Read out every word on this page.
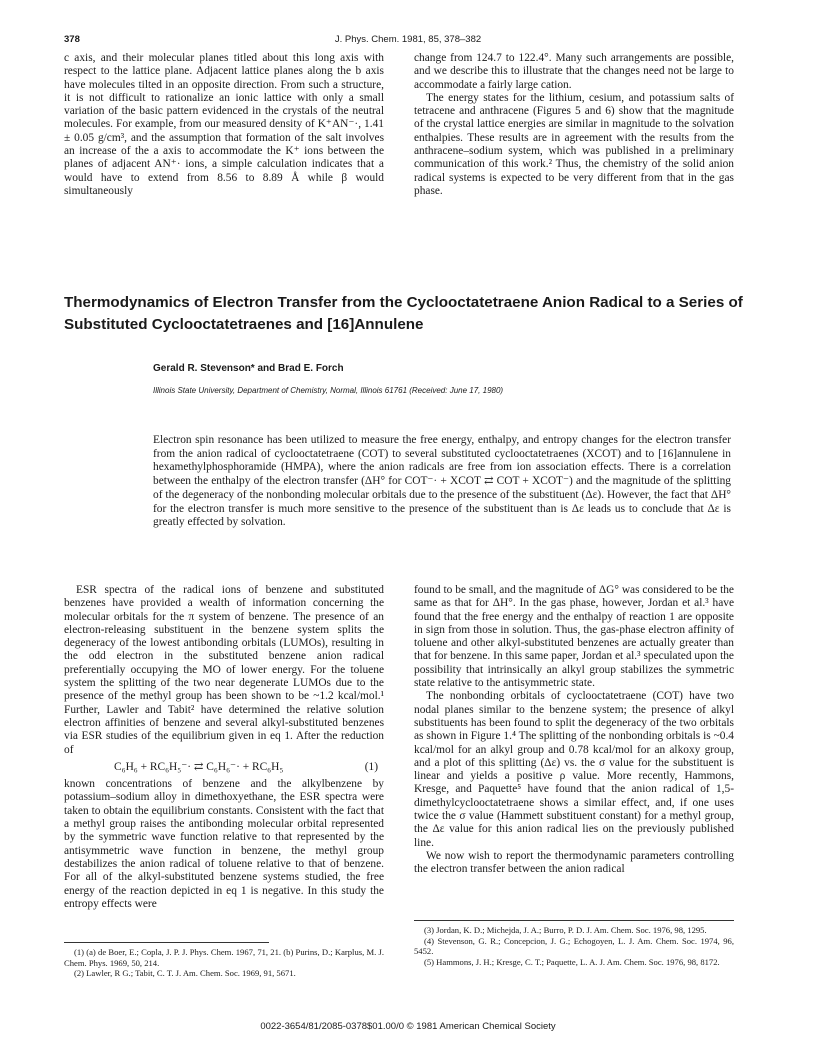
378	J. Phys. Chem. 1981, 85, 378–382

c axis, and their molecular planes titled about this long axis with respect to the lattice plane. Adjacent lattice planes along the b axis have molecules tilted in an opposite direction. From such a structure, it is not difficult to rationalize an ionic lattice with only a small variation of the basic pattern evidenced in the crystals of the neutral molecules. For example, from our measured density of K⁺AN⁻·, 1.41 ± 0.05 g/cm³, and the assumption that formation of the salt involves an increase of the a axis to accommodate the K⁺ ions between the planes of adjacent AN⁺· ions, a simple calculation indicates that a would have to extend from 8.56 to 8.89 Å while β would simultaneously

change from 124.7 to 122.4°. Many such arrangements are possible, and we describe this to illustrate that the changes need not be large to accommodate a fairly large cation.

The energy states for the lithium, cesium, and potassium salts of tetracene and anthracene (Figures 5 and 6) show that the magnitude of the crystal lattice energies are similar in magnitude to the solvation enthalpies. These results are in agreement with the results from the anthracene–sodium system, which was published in a preliminary communication of this work.² Thus, the chemistry of the solid anion radical systems is expected to be very different from that in the gas phase.

Thermodynamics of Electron Transfer from the Cyclooctatetraene Anion Radical to a Series of Substituted Cyclooctatetraenes and [16]Annulene
Gerald R. Stevenson* and Brad E. Forch
Illinois State University, Department of Chemistry, Normal, Illinois 61761 (Received: June 17, 1980)
Electron spin resonance has been utilized to measure the free energy, enthalpy, and entropy changes for the electron transfer from the anion radical of cyclooctatetraene (COT) to several substituted cyclooctatetraenes (XCOT) and to [16]annulene in hexamethylphosphoramide (HMPA), where the anion radicals are free from ion association effects. There is a correlation between the enthalpy of the electron transfer (ΔH° for COT⁻· + XCOT ⇄ COT + XCOT⁻) and the magnitude of the splitting of the degeneracy of the nonbonding molecular orbitals due to the presence of the substituent (Δε). However, the fact that ΔH° for the electron transfer is much more sensitive to the presence of the substituent than is Δε leads us to conclude that Δε is greatly effected by solvation.

ESR spectra of the radical ions of benzene and substituted benzenes have provided a wealth of information concerning the molecular orbitals for the π system of benzene. The presence of an electron-releasing substituent in the benzene system splits the degeneracy of the lowest antibonding orbitals (LUMOs), resulting in the odd electron in the substituted benzene anion radical preferentially occupying the MO of lower energy. For the toluene system the splitting of the two near degenerate LUMOs due to the presence of the methyl group has been shown to be ~1.2 kcal/mol.¹ Further, Lawler and Tabit² have determined the relative solution electron affinities of benzene and several alkyl-substituted benzenes via ESR studies of the equilibrium given in eq 1. After the reduction of

C₆H₆ + RC₆H₅⁻· ⇄ C₆H₆⁻· + RC₆H₅	(1)

known concentrations of benzene and the alkylbenzene by potassium–sodium alloy in dimethoxyethane, the ESR spectra were taken to obtain the equilibrium constants. Consistent with the fact that a methyl group raises the antibonding molecular orbital represented by the symmetric wave function relative to that represented by the antisymmetric wave function in benzene, the methyl group destabilizes the anion radical of toluene relative to that of benzene. For all of the alkyl-substituted benzene systems studied, the free energy of the reaction depicted in eq 1 is negative. In this study the entropy effects were

found to be small, and the magnitude of ΔG° was considered to be the same as that for ΔH°. In the gas phase, however, Jordan et al.³ have found that the free energy and the enthalpy of reaction 1 are opposite in sign from those in solution. Thus, the gas-phase electron affinity of toluene and other alkyl-substituted benzenes are actually greater than that for benzene. In this same paper, Jordan et al.³ speculated upon the possibility that intrinsically an alkyl group stabilizes the symmetric state relative to the antisymmetric state.

The nonbonding orbitals of cyclooctatetraene (COT) have two nodal planes similar to the benzene system; the presence of alkyl substituents has been found to split the degeneracy of the two orbitals as shown in Figure 1.⁴ The splitting of the nonbonding orbitals is ~0.4 kcal/mol for an alkyl group and 0.78 kcal/mol for an alkoxy group, and a plot of this splitting (Δε) vs. the σ value for the substituent is linear and yields a positive ρ value. More recently, Hammons, Kresge, and Paquette⁵ have found that the anion radical of 1,5-dimethylcyclooctatetraene shows a similar effect, and, if one uses twice the σ value (Hammett substituent constant) for a methyl group, the Δε value for this anion radical lies on the previously published line.

We now wish to report the thermodynamic parameters controlling the electron transfer between the anion radical

(1) (a) de Boer, E.; Copla, J. P. J. Phys. Chem. 1967, 71, 21. (b) Purins, D.; Karplus, M. J. Chem. Phys. 1969, 50, 214.

(2) Lawler, R G.; Tabit, C. T. J. Am. Chem. Soc. 1969, 91, 5671.

(3) Jordan, K. D.; Michejda, J. A.; Burro, P. D. J. Am. Chem. Soc. 1976, 98, 1295.

(4) Stevenson, G. R.; Concepcion, J. G.; Echogoyen, L. J. Am. Chem. Soc. 1974, 96, 5452.

(5) Hammons, J. H.; Kresge, C. T.; Paquette, L. A. J. Am. Chem. Soc. 1976, 98, 8172.

0022-3654/81/2085-0378$01.00/0 © 1981 American Chemical Society
